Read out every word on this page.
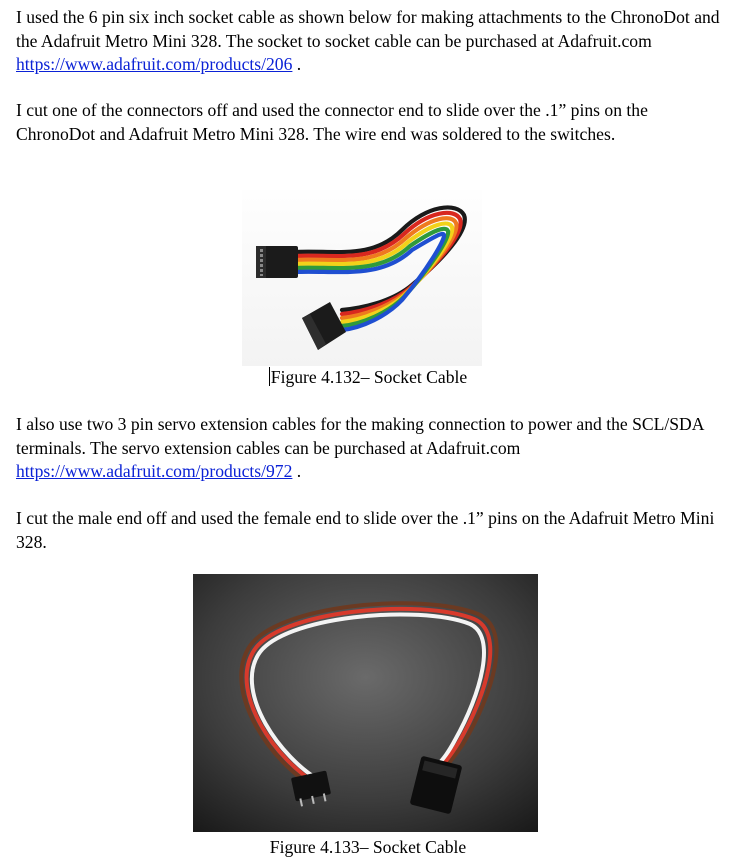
I used the 6 pin six inch socket cable as shown below for making attachments to the ChronoDot and the Adafruit Metro Mini 328. The socket to socket cable can be purchased at Adafruit.com https://www.adafruit.com/products/206 .

I cut one of the connectors off and used the connector end to slide over the .1” pins on the ChronoDot and Adafruit Metro Mini 328. The wire end was soldered to the switches.

Figure 4.132– Socket Cable

I also use two 3 pin servo extension cables for the making connection to power and the SCL/SDA terminals. The servo extension cables can be purchased at Adafruit.com https://www.adafruit.com/products/972 .

I cut the male end off and used the female end to slide over the .1” pins on the Adafruit Metro Mini 328.

Figure 4.133– Socket Cable
